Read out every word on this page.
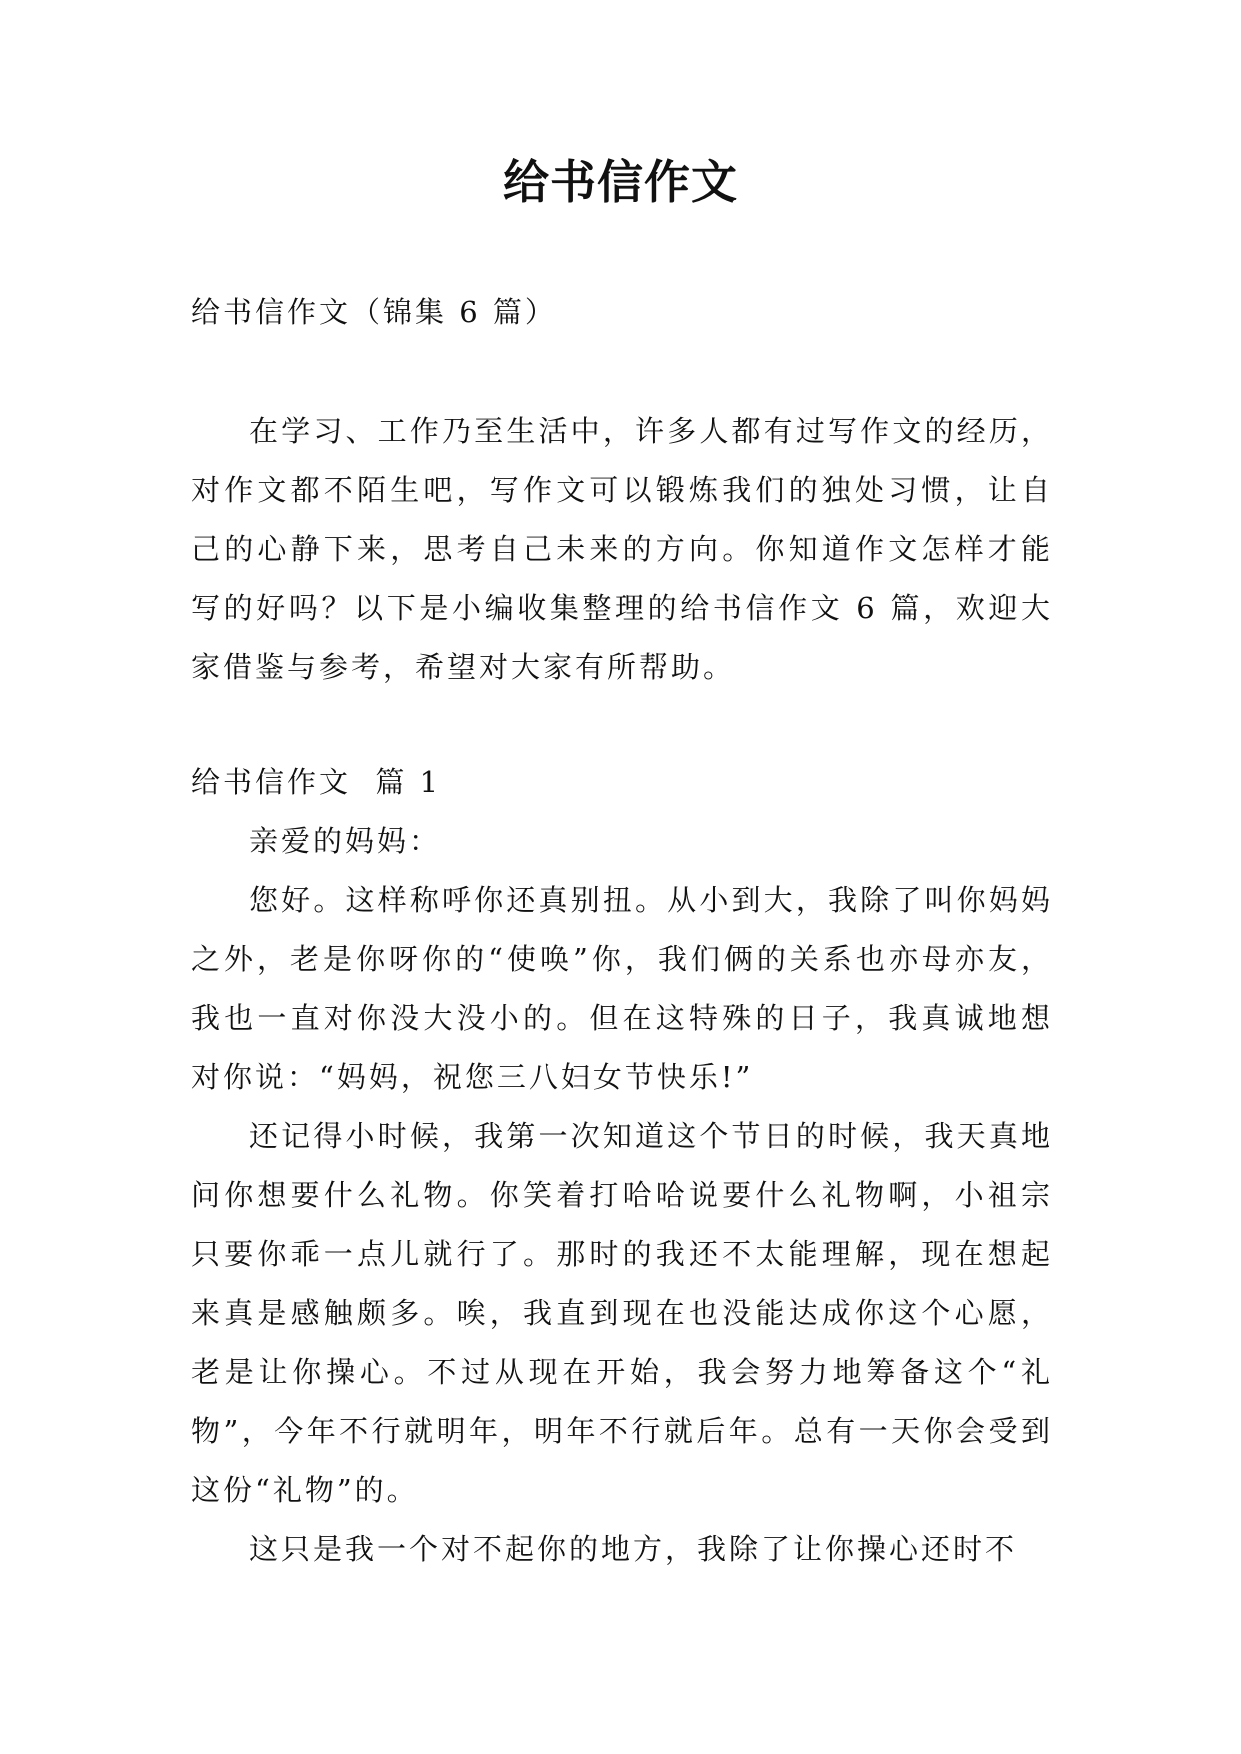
给书信作文
给书信作文（锦集 6 篇）

在学习、工作乃至生活中，许多人都有过写作文的经历，对作文都不陌生吧，写作文可以锻炼我们的独处习惯，让自己的心静下来，思考自己未来的方向。你知道作文怎样才能写的好吗？以下是小编收集整理的给书信作文 6 篇，欢迎大家借鉴与参考，希望对大家有所帮助。

给书信作文  篇 1

亲爱的妈妈：

您好。这样称呼你还真别扭。从小到大，我除了叫你妈妈之外，老是你呀你的“使唤”你，我们俩的关系也亦母亦友，我也一直对你没大没小的。但在这特殊的日子，我真诚地想对你说：“妈妈，祝您三八妇女节快乐!”

还记得小时候，我第一次知道这个节日的时候，我天真地问你想要什么礼物。你笑着打哈哈说要什么礼物啊，小祖宗只要你乖一点儿就行了。那时的我还不太能理解，现在想起来真是感触颇多。唉，我直到现在也没能达成你这个心愿，老是让你操心。不过从现在开始，我会努力地筹备这个“礼物”，今年不行就明年，明年不行就后年。总有一天你会受到这份“礼物”的。

这只是我一个对不起你的地方，我除了让你操心还时不
